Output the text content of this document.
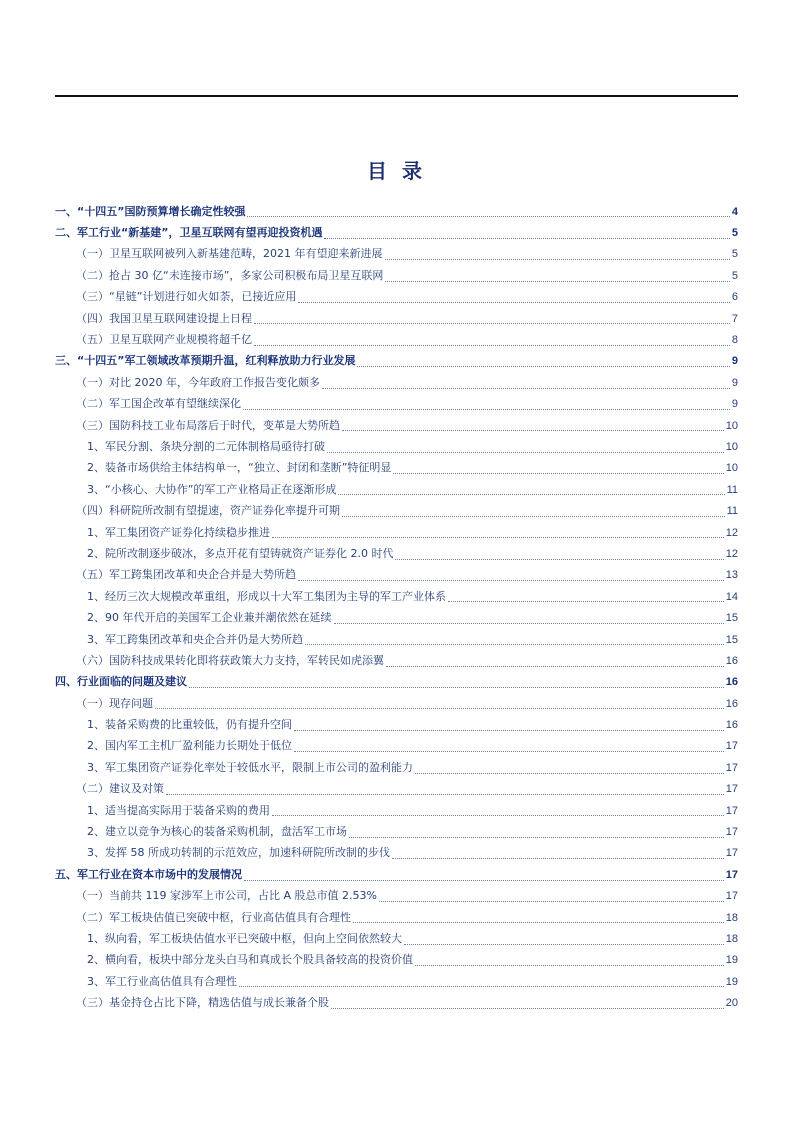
目 录
一、“十四五”国防预算增长确定性较强	4
二、军工行业“新基建”，卫星互联网有望再迎投资机遇	5
（一）卫星互联网被列入新基建范畴，2021 年有望迎来新进展	5
（二）抢占 30 亿“未连接市场”，多家公司积极布局卫星互联网	5
（三）“星链”计划进行如火如荼，已接近应用	6
（四）我国卫星互联网建设提上日程	7
（五）卫星互联网产业规模将超千亿	8
三、“十四五”军工领域改革预期升温，红利释放助力行业发展	9
（一）对比 2020 年，今年政府工作报告变化颇多	9
（二）军工国企改革有望继续深化	9
（三）国防科技工业布局落后于时代，变革是大势所趋	10
1、军民分割、条块分割的二元体制格局亟待打破	10
2、装备市场供给主体结构单一，“独立、封闭和垄断”特征明显	10
3、“小核心、大协作”的军工产业格局正在逐渐形成	11
（四）科研院所改制有望提速，资产证券化率提升可期	11
1、军工集团资产证券化持续稳步推进	12
2、院所改制逐步破冰，多点开花有望铸就资产证券化 2.0 时代	12
（五）军工跨集团改革和央企合并是大势所趋	13
1、经历三次大规模改革重组，形成以十大军工集团为主导的军工产业体系	14
2、90 年代开启的美国军工企业兼并潮依然在延续	15
3、军工跨集团改革和央企合并仍是大势所趋	15
（六）国防科技成果转化即将获政策大力支持，军转民如虎添翼	16
四、行业面临的问题及建议	16
（一）现存问题	16
1、装备采购费的比重较低，仍有提升空间	16
2、国内军工主机厂盈利能力长期处于低位	17
3、军工集团资产证券化率处于较低水平，限制上市公司的盈利能力	17
（二）建议及对策	17
1、适当提高实际用于装备采购的费用	17
2、建立以竞争为核心的装备采购机制，盘活军工市场	17
3、发挥 58 所成功转制的示范效应，加速科研院所改制的步伐	17
五、军工行业在资本市场中的发展情况	17
（一）当前共 119 家涉军上市公司，占比 A 股总市值 2.53%	17
（二）军工板块估值已突破中枢，行业高估值具有合理性	18
1、纵向看，军工板块估值水平已突破中枢，但向上空间依然较大	18
2、横向看，板块中部分龙头白马和真成长个股具备较高的投资价值	19
3、军工行业高估值具有合理性	19
（三）基金持仓占比下降，精选估值与成长兼备个股	20
